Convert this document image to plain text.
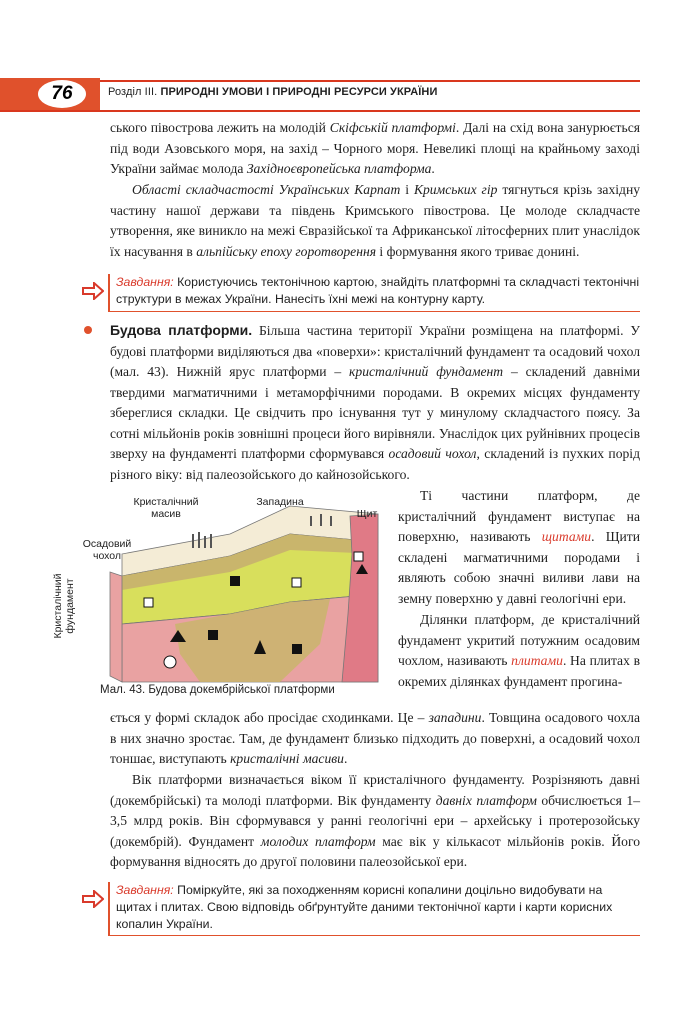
76	Розділ III. ПРИРОДНІ УМОВИ І ПРИРОДНІ РЕСУРСИ УКРАЇНИ
ського півострова лежить на молодій Скіфській платформі. Далі на схід вона занурюється під води Азовського моря, на захід – Чорного моря. Невеликі площі на крайньому заході України займає молода Західноєвропейська платформа.
Області складчастості Українських Карпат і Кримських гір тягнуться крізь західну частину нашої держави та південь Кримського півострова. Це молоде складчасте утворення, яке виникло на межі Євразійської та Африканської літосферних плит унаслідок їх насування в альпійську епоху горотворення і формування якого триває донині.
Завдання: Користуючись тектонічною картою, знайдіть платформні та складчасті тектонічні структури в межах України. Нанесіть їхні межі на контурну карту.
Будова платформи. Більша частина території України розміщена на платформі. У будові платформи виділяються два «поверхи»: кристалічний фундамент та осадовий чохол (мал. 43). Нижній ярус платформи – кристалічний фундамент – складений давніми твердими магматичними і метаморфічними породами. В окремих місцях фундаменту збереглися складки. Це свідчить про існування тут у минулому складчастого поясу. За сотні мільйонів років зовнішні процеси його вирівняли. Унаслідок цих руйнівних процесів зверху на фундаменті платформи сформувався осадовий чохол, складений із пухких порід різного віку: від палеозойського до кайнозойського.
Кристалічний масив
Западина
Щит
Осадовий чохол
Кристалічний фундамент
Мал. 43. Будова докембрійської платформи
Ті частини платформ, де кристалічний фундамент виступає на поверхню, називають щитами. Щити складені магматичними породами і являють собою значні виливи лави на земну поверхню у давні геологічні ери.
Ділянки платформ, де кристалічний фундамент укритий потужним осадовим чохлом, називають плитами. На плитах в окремих ділянках фундамент прогина-
ється у формі складок або просідає сходинками. Це – западини. Товщина осадового чохла в них значно зростає. Там, де фундамент близько підходить до поверхні, а осадовий чохол тоншає, виступають кристалічні масиви.
Вік платформи визначається віком її кристалічного фундаменту. Розрізняють давні (докембрійські) та молоді платформи. Вік фундаменту давніх платформ обчислюється 1–3,5 млрд років. Він сформувався у ранні геологічні ери – архейську і протерозойську (докембрій). Фундамент молодих платформ має вік у кількасот мільйонів років. Його формування відносять до другої половини палеозойської ери.
Завдання: Поміркуйте, які за походженням корисні копалини доцільно видобувати на щитах і плитах. Свою відповідь обґрунтуйте даними тектонічної карти і карти корисних копалин України.
